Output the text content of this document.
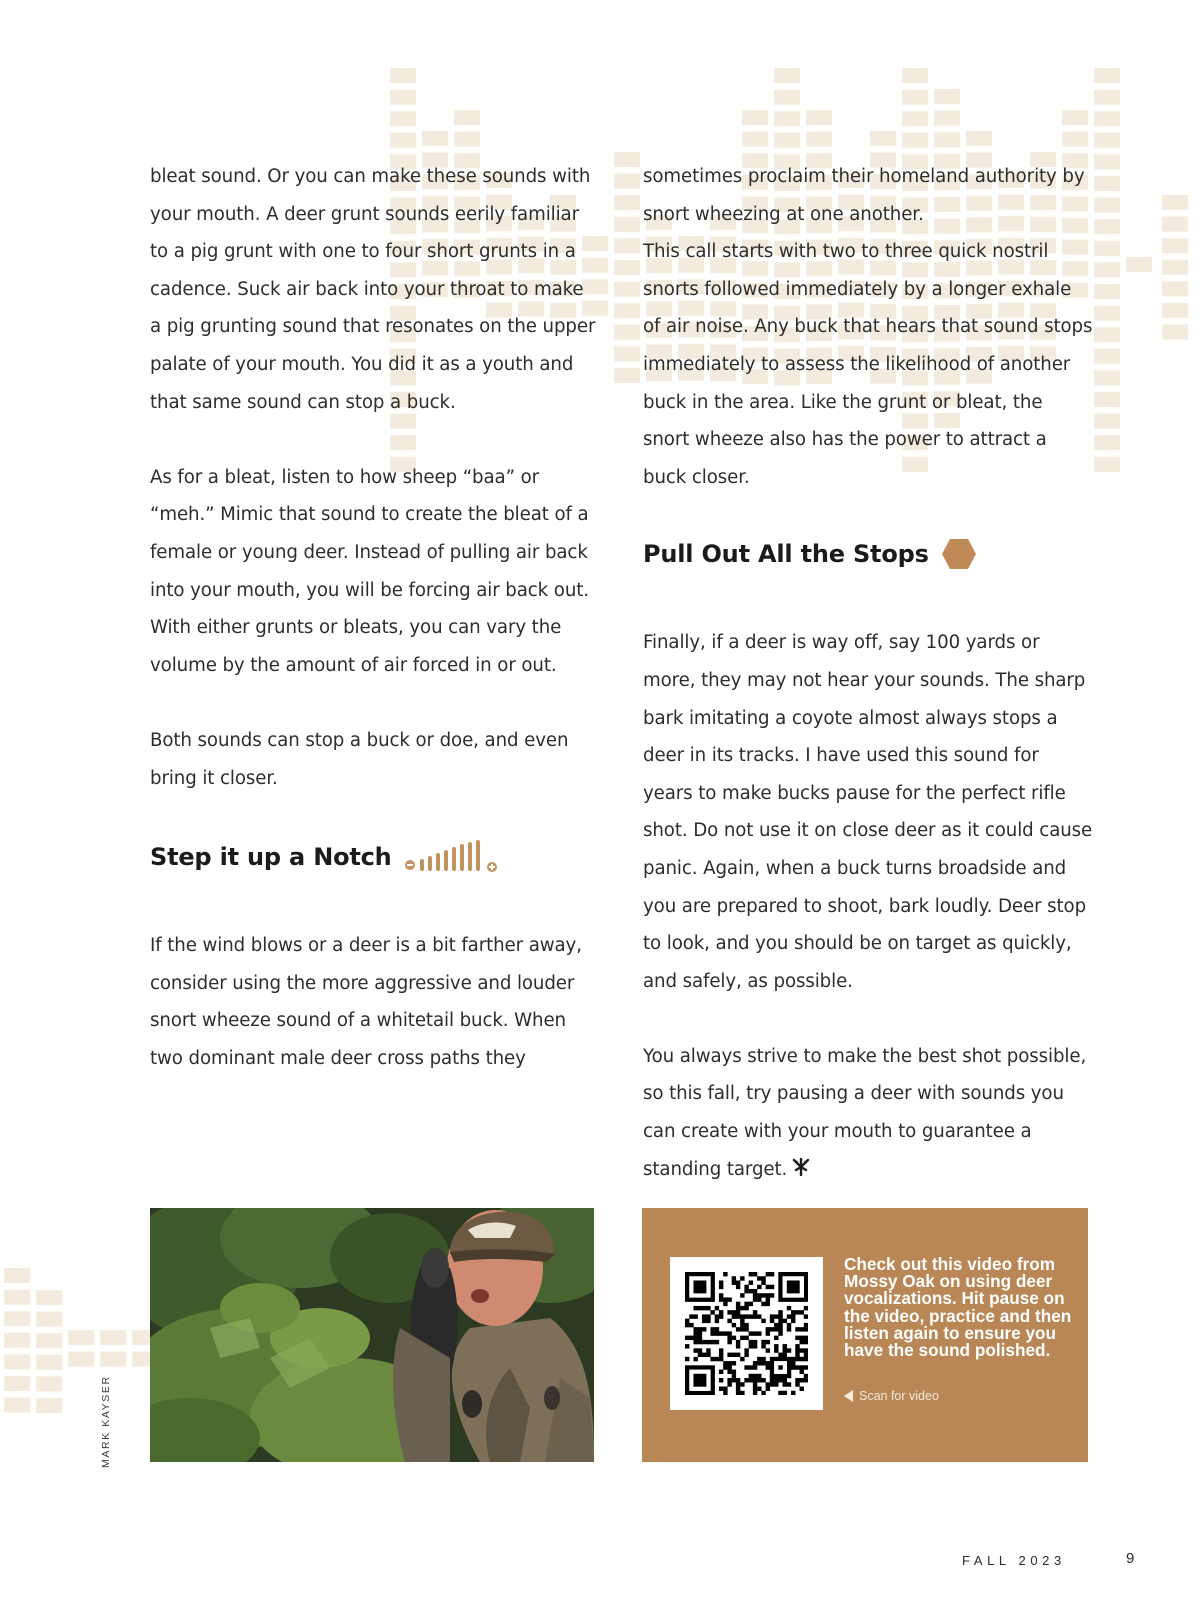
bleat sound. Or you can make these sounds with your mouth. A deer grunt sounds eerily familiar to a pig grunt with one to four short grunts in a cadence. Suck air back into your throat to make a pig grunting sound that resonates on the upper palate of your mouth. You did it as a youth and that same sound can stop a buck.

As for a bleat, listen to how sheep “baa” or “meh.” Mimic that sound to create the bleat of a female or young deer. Instead of pulling air back into your mouth, you will be forcing air back out. With either grunts or bleats, you can vary the volume by the amount of air forced in or out.

Both sounds can stop a buck or doe, and even bring it closer.

Step it up a Notch

If the wind blows or a deer is a bit farther away, consider using the more aggressive and louder snort wheeze sound of a whitetail buck. When two dominant male deer cross paths they

sometimes proclaim their homeland authority by snort wheezing at one another.

This call starts with two to three quick nostril snorts followed immediately by a longer exhale of air noise. Any buck that hears that sound stops immediately to assess the likelihood of another buck in the area. Like the grunt or bleat, the snort wheeze also has the power to attract a buck closer.

Pull Out All the Stops

Finally, if a deer is way off, say 100 yards or more, they may not hear your sounds. The sharp bark imitating a coyote almost always stops a deer in its tracks. I have used this sound for years to make bucks pause for the perfect rifle shot. Do not use it on close deer as it could cause panic. Again, when a buck turns broadside and you are prepared to shoot, bark loudly. Deer stop to look, and you should be on target as quickly, and safely, as possible.

You always strive to make the best shot possible, so this fall, try pausing a deer with sounds you can create with your mouth to guarantee a standing target.

MARK KAYSER
Check out this video from Mossy Oak on using deer vocalizations. Hit pause on the video, practice and then listen again to ensure you have the sound polished.
Scan for video
FALL 2023	9
